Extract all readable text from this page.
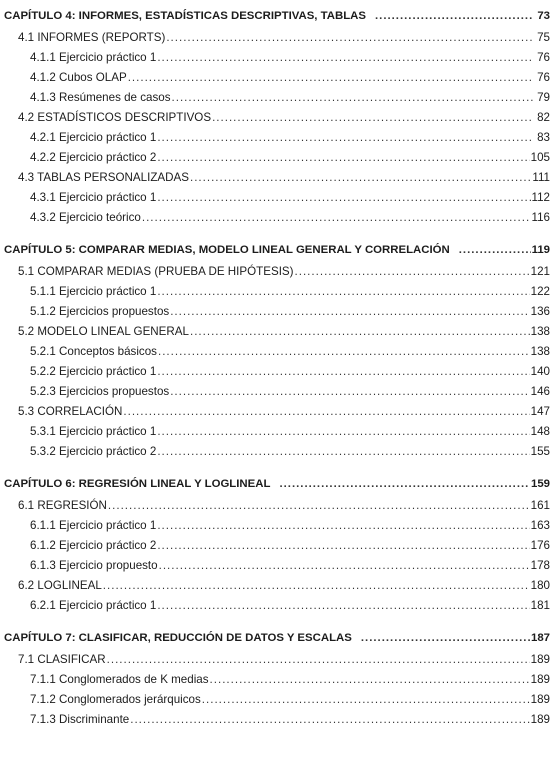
CAPÍTULO 4: INFORMES, ESTADÍSTICAS DESCRIPTIVAS, TABLAS .....	73
4.1 INFORMES (REPORTS) .....	75
4.1.1 Ejercicio práctico 1 .....	76
4.1.2 Cubos OLAP .....	76
4.1.3 Resúmenes de casos .....	79
4.2 ESTADÍSTICOS DESCRIPTIVOS .....	82
4.2.1 Ejercicio práctico 1 .....	83
4.2.2 Ejercicio práctico 2 .....	105
4.3 TABLAS PERSONALIZADAS .....	111
4.3.1 Ejercicio práctico 1 .....	112
4.3.2 Ejercicio teórico .....	116
CAPÍTULO 5: COMPARAR MEDIAS, MODELO LINEAL GENERAL Y CORRELACIÓN .....	119
5.1 COMPARAR MEDIAS (PRUEBA DE HIPÓTESIS) .....	121
5.1.1 Ejercicio práctico 1 .....	122
5.1.2 Ejercicios propuestos .....	136
5.2 MODELO LINEAL GENERAL .....	138
5.2.1 Conceptos básicos .....	138
5.2.2 Ejercicio práctico 1 .....	140
5.2.3 Ejercicios propuestos .....	146
5.3 CORRELACIÓN .....	147
5.3.1 Ejercicio práctico 1 .....	148
5.3.2 Ejercicio práctico 2 .....	155
CAPÍTULO 6: REGRESIÓN LINEAL Y LOGLINEAL .....	159
6.1 REGRESIÓN .....	161
6.1.1 Ejercicio práctico 1 .....	163
6.1.2 Ejercicio práctico 2 .....	176
6.1.3 Ejercicio propuesto .....	178
6.2 LOGLINEAL .....	180
6.2.1 Ejercicio práctico 1 .....	181
CAPÍTULO 7: CLASIFICAR, REDUCCIÓN DE DATOS Y ESCALAS .....	187
7.1 CLASIFICAR .....	189
7.1.1 Conglomerados de K medias .....	189
7.1.2 Conglomerados jerárquicos .....	189
7.1.3 Discriminante .....	189
